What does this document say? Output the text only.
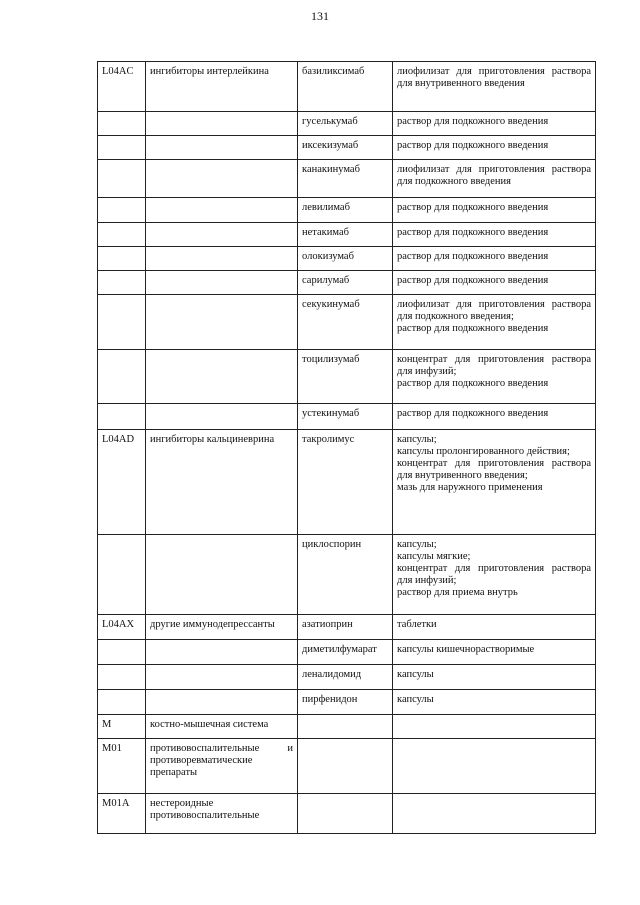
131
L04AC	ингибиторы интерлейкина	базиликсимаб	лиофилизат для приготовления раствора для внутривенного введения

		гуселькумаб	раствор для подкожного введения

		иксекизумаб	раствор для подкожного введения

		канакинумаб	лиофилизат для приготовления раствора для подкожного введения

		левилимаб	раствор для подкожного введения

		нетакимаб	раствор для подкожного введения

		олокизумаб	раствор для подкожного введения

		сарилумаб	раствор для подкожного введения

		секукинумаб	лиофилизат для приготовления раствора для подкожного введения;
раствор для подкожного введения

		тоцилизумаб	концентрат для приготовления раствора для инфузий;
раствор для подкожного введения

		устекинумаб	раствор для подкожного введения

L04AD	ингибиторы кальциневрина	такролимус	капсулы;
капсулы пролонгированного действия;
концентрат для приготовления раствора для внутривенного введения;
мазь для наружного применения

		циклоспорин	капсулы;
капсулы мягкие;
концентрат для приготовления раствора для инфузий;
раствор для приема внутрь

L04AX	другие иммунодепрессанты	азатиоприн	таблетки

		диметилфумарат	капсулы кишечнорастворимые

		леналидомид	капсулы

		пирфенидон	капсулы

M	костно-мышечная система		

M01	противовоспалительные и противоревматические препараты		

M01A	нестероидные противовоспалительные		
